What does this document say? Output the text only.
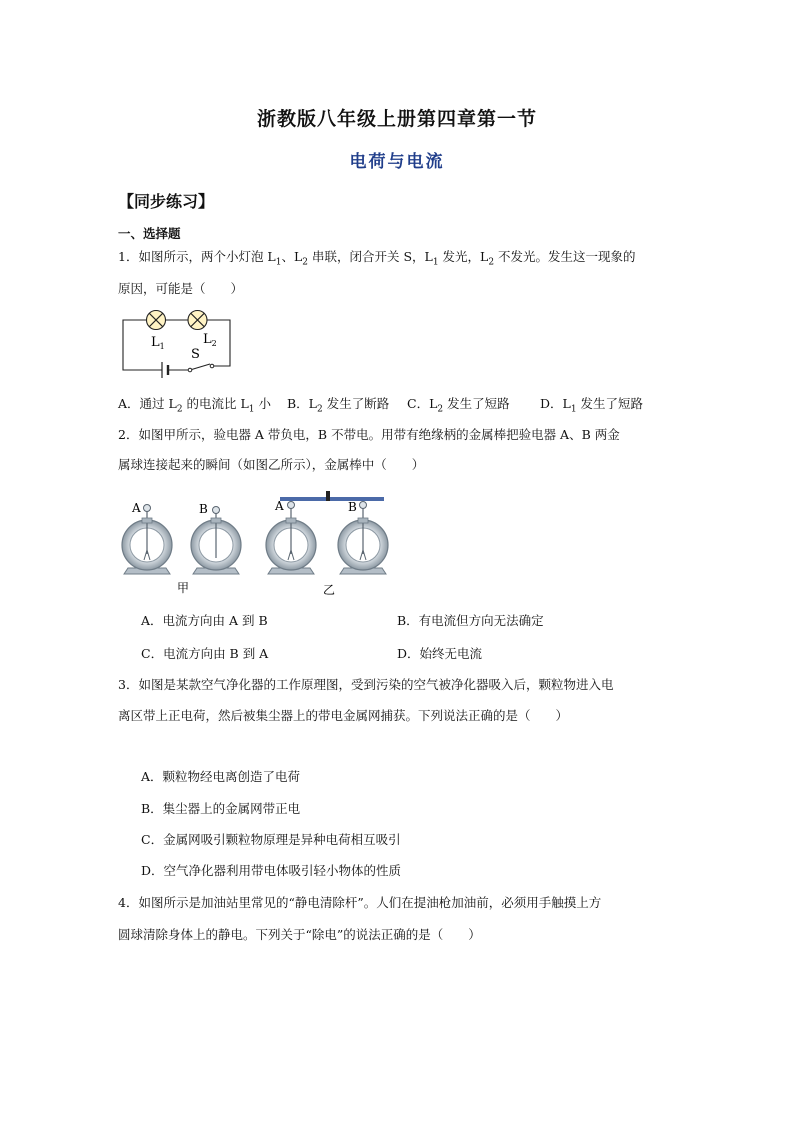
浙教版八年级上册第四章第一节
电荷与电流
【同步练习】
一、选择题
1．如图所示，两个小灯泡 $L_1$、$L_2$ 串联，闭合开关 S，$L_1$ 发光，$L_2$ 不发光。发生这一现象的
原因，可能是（　　）
$L_1$	$L_2$
S
A．通过 $L_2$ 的电流比 $L_1$ 小 B．$L_2$ 发生了断路 C．$L_2$ 发生了短路 D．$L_1$ 发生了短路
2．如图甲所示，验电器 A 带负电，B 不带电。用带有绝缘柄的金属棒把验电器 A、B 两金
属球连接起来的瞬间（如图乙所示），金属棒中（　　）
A	B	A	B
甲	乙
A．电流方向由 A 到 B	B．有电流但方向无法确定
C．电流方向由 B 到 A	D．始终无电流
3．如图是某款空气净化器的工作原理图，受到污染的空气被净化器吸入后，颗粒物进入电
离区带上正电荷，然后被集尘器上的带电金属网捕获。下列说法正确的是（　　）
A．颗粒物经电离创造了电荷
B．集尘器上的金属网带正电
C．金属网吸引颗粒物原理是异种电荷相互吸引
D．空气净化器利用带电体吸引轻小物体的性质
4．如图所示是加油站里常见的“静电清除杆”。人们在提油枪加油前，必须用手触摸上方
圆球清除身体上的静电。下列关于“除电”的说法正确的是（　　）
